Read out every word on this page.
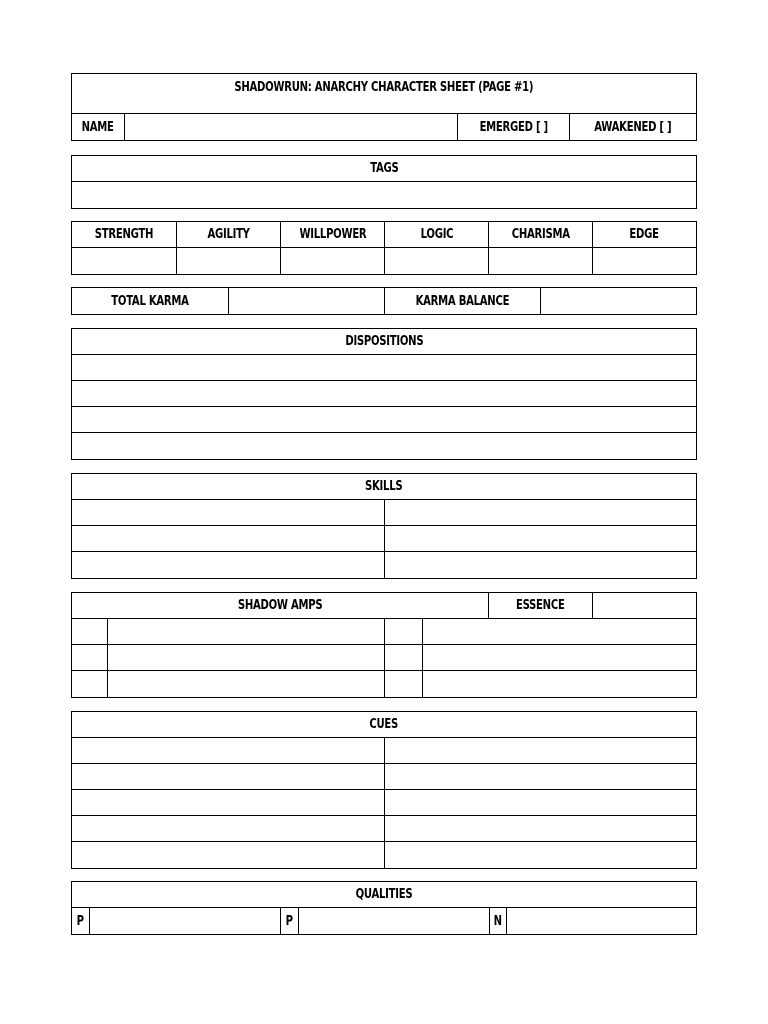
SHADOWRUN: ANARCHY CHARACTER SHEET (PAGE #1)
NAME	EMERGED [ ]	AWAKENED [ ]
TAGS
STRENGTH	AGILITY	WILLPOWER	LOGIC	CHARISMA	EDGE
TOTAL KARMA	KARMA BALANCE
DISPOSITIONS
SKILLS
SHADOW AMPS	ESSENCE
CUES
QUALITIES
P	P	N
